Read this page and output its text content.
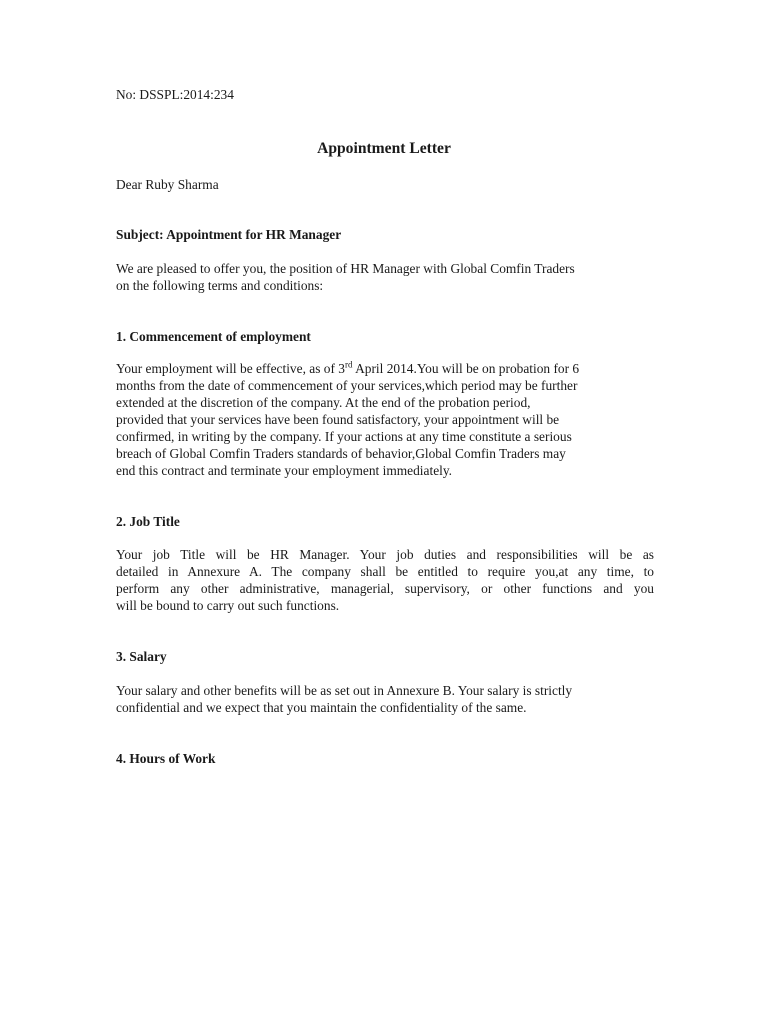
No: DSSPL:2014:234

Appointment Letter

Dear Ruby Sharma

Subject: Appointment for HR Manager

We are pleased to offer you, the position of HR Manager with Global Comfin Traders
on the following terms and conditions:

1. Commencement of employment

Your employment will be effective, as of 3rd April 2014.You will be on probation for 6
months from the date of commencement of your services,which period may be further
extended at the discretion of the company. At the end of the probation period,
provided that your services have been found satisfactory, your appointment will be
confirmed, in writing by the company. If your actions at any time constitute a serious
breach of Global Comfin Traders standards of behavior,Global Comfin Traders may
end this contract and terminate your employment immediately.

2. Job Title

Your job Title will be HR Manager. Your job duties and responsibilities will be as
detailed in Annexure A. The company shall be entitled to require you,at any time, to
perform any other administrative, managerial, supervisory, or other functions and you
will be bound to carry out such functions.

3. Salary

Your salary and other benefits will be as set out in Annexure B. Your salary is strictly
confidential and we expect that you maintain the confidentiality of the same.

4. Hours of Work
